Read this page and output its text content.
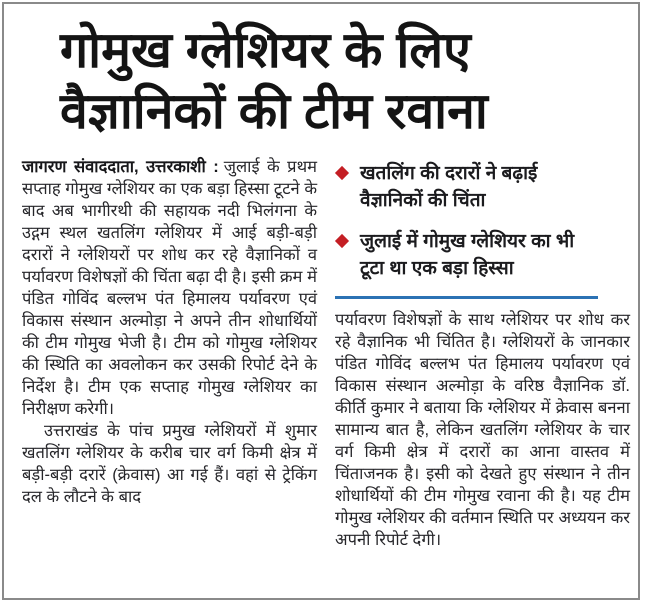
गोमुख ग्लेशियर के लिए
वैज्ञानिकों की टीम रवाना

जागरण संवाददाता, उत्तरकाशी : जुलाई के प्रथम सप्ताह गोमुख ग्लेशियर का एक बड़ा हिस्सा टूटने के बाद अब भागीरथी की सहायक नदी भिलंगना के उद्गम स्थल खतलिंग ग्लेशियर में आई बड़ी-बड़ी दरारों ने ग्लेशियरों पर शोध कर रहे वैज्ञानिकों व पर्यावरण विशेषज्ञों की चिंता बढ़ा दी है। इसी क्रम में पंडित गोविंद बल्लभ पंत हिमालय पर्यावरण एवं विकास संस्थान अल्मोड़ा ने अपने तीन शोधार्थियों की टीम गोमुख भेजी है। टीम को गोमुख ग्लेशियर की स्थिति का अवलोकन कर उसकी रिपोर्ट देने के निर्देश है। टीम एक सप्ताह गोमुख ग्लेशियर का निरीक्षण करेगी।

उत्तराखंड के पांच प्रमुख ग्लेशियरों में शुमार खतलिंग ग्लेशियर के करीब चार वर्ग किमी क्षेत्र में बड़ी-बड़ी दरारें (क्रेवास) आ गई हैं। वहां से ट्रेकिंग दल के लौटने के बाद

खतलिंग की दरारों ने बढ़ाई
वैज्ञानिकों की चिंता
जुलाई में गोमुख ग्लेशियर का भी
टूटा था एक बड़ा हिस्सा

पर्यावरण विशेषज्ञों के साथ ग्लेशियर पर शोध कर रहे वैज्ञानिक भी चिंतित है। ग्लेशियरों के जानकार पंडित गोविंद बल्लभ पंत हिमालय पर्यावरण एवं विकास संस्थान अल्मोड़ा के वरिष्ठ वैज्ञानिक डॉ. कीर्ति कुमार ने बताया कि ग्लेशियर में क्रेवास बनना सामान्य बात है, लेकिन खतलिंग ग्लेशियर के चार वर्ग किमी क्षेत्र में दरारों का आना वास्तव में चिंताजनक है। इसी को देखते हुए संस्थान ने तीन शोधार्थियों की टीम गोमुख रवाना की है। यह टीम गोमुख ग्लेशियर की वर्तमान स्थिति पर अध्ययन कर अपनी रिपोर्ट देगी।
